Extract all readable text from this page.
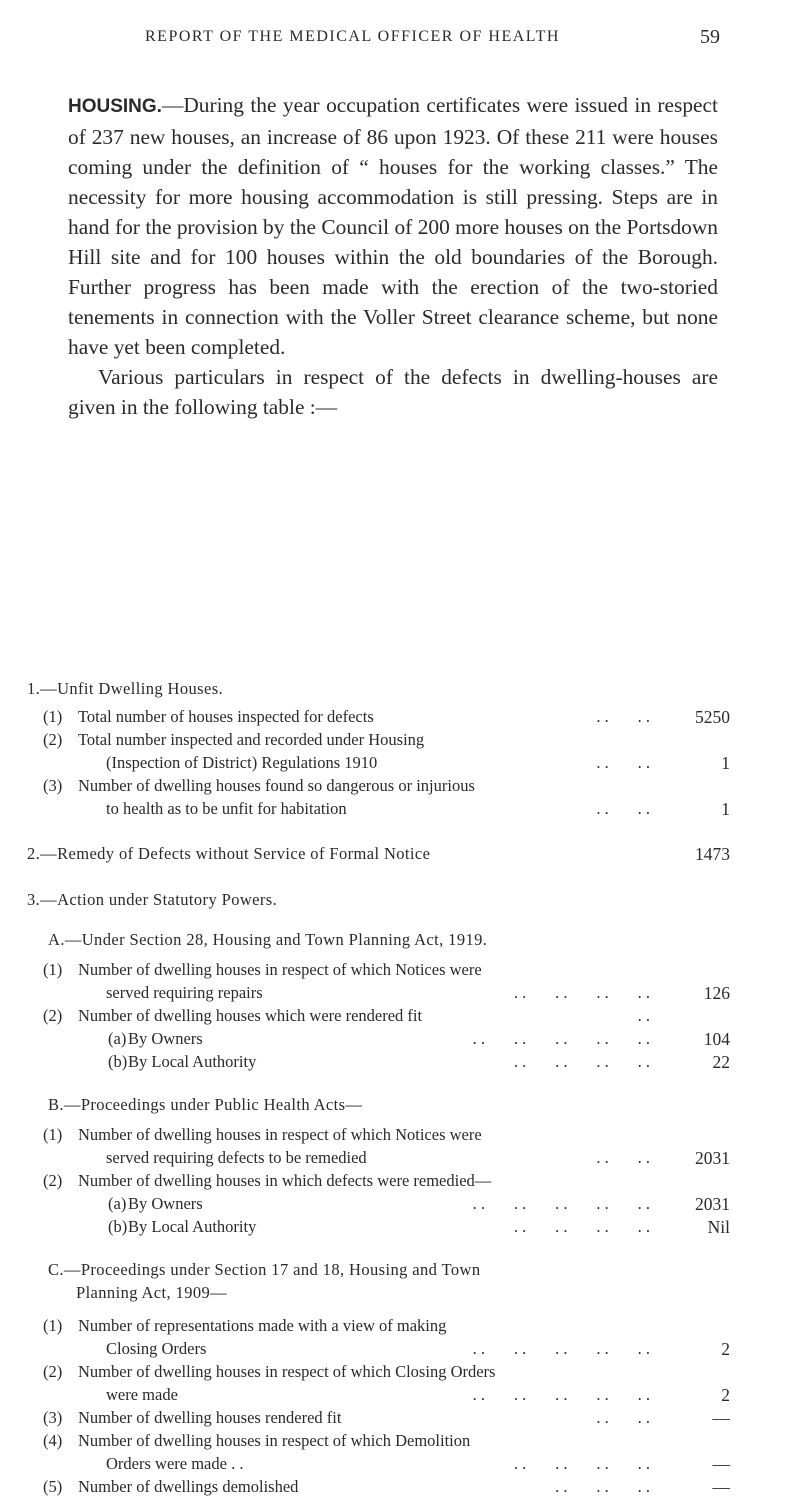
REPORT OF THE MEDICAL OFFICER OF HEALTH	59

HOUSING.—During the year occupation certificates were issued in respect of 237 new houses, an increase of 86 upon 1923. Of these 211 were houses coming under the definition of “ houses for the working classes.” The necessity for more housing accommodation is still pressing. Steps are in hand for the provision by the Council of 200 more houses on the Portsdown Hill site and for 100 houses within the old boundaries of the Borough. Further progress has been made with the erection of the two-storied tenements in connection with the Voller Street clearance scheme, but none have yet been completed.

Various particulars in respect of the defects in dwelling-houses are given in the following table :—

1.—Unfit Dwelling Houses.
(1) Total number of houses inspected for defects	. .       . .	5250
(2) Total number inspected and recorded under Housing
(Inspection of District) Regulations 1910	. .       . .	1
(3) Number of dwelling houses found so dangerous or injurious
to health as to be unfit for habitation	. .       . .	1
2.—Remedy of Defects without Service of Formal Notice	1473
3.—Action under Statutory Powers.
A.—Under Section 28, Housing and Town Planning Act, 1919.
(1) Number of dwelling houses in respect of which Notices were
served requiring repairs	. .       . .       . .       . .	126
(2) Number of dwelling houses which were rendered fit	. .
(a) By Owners	. .       . .       . .       . .       . .	104
(b) By Local Authority	. .       . .       . .       . .	22
B.—Proceedings under Public Health Acts—
(1) Number of dwelling houses in respect of which Notices were
served requiring defects to be remedied	. .       . .	2031
(2) Number of dwelling houses in which defects were remedied—
(a) By Owners	. .       . .       . .       . .       . .	2031
(b) By Local Authority	. .       . .       . .       . .	Nil
C.—Proceedings under Section 17 and 18, Housing and Town
Planning Act, 1909—
(1) Number of representations made with a view of making
Closing Orders	. .       . .       . .       . .       . .	2
(2) Number of dwelling houses in respect of which Closing Orders
were made	. .       . .       . .       . .       . .	2
(3) Number of dwelling houses rendered fit	. .       . .	—
(4) Number of dwelling houses in respect of which Demolition
Orders were made . .	. .       . .       . .       . .	—
(5) Number of dwellings demolished	. .       . .       . .	—
